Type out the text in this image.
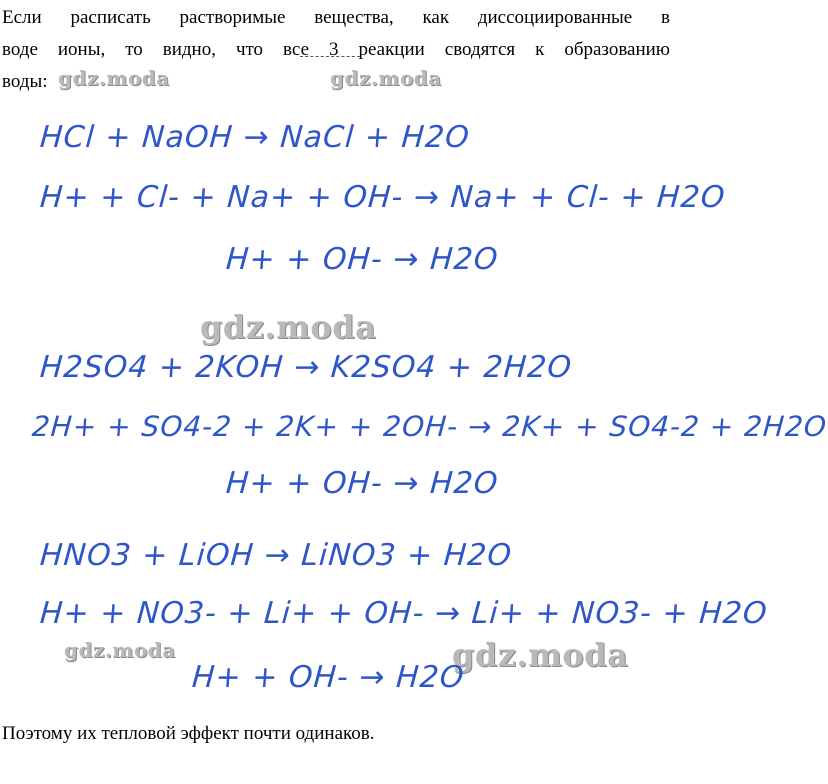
Если расписать растворимые вещества, как диссоциированные в
воде ионы, то видно, что все 3 реакции сводятся к образованию
воды: gdz.moda	gdz.moda
gdz.moda
gdz.moda	gdz.moda
HCl + NaOH → NaCl + H2O
H+ + Cl- + Na+ + OH- → Na+ + Cl- + H2O
H+ + OH- → H2O
H2SO4 + 2KOH → K2SO4 + 2H2O
2H+ + SO4-2 + 2K+ + 2OH- → 2K+ + SO4-2 + 2H2O
H+ + OH- → H2O
HNO3 + LiOH → LiNO3 + H2O
H+ + NO3- + Li+ + OH- → Li+ + NO3- + H2O
H+ + OH- → H2O
Поэтому их тепловой эффект почти одинаков.
